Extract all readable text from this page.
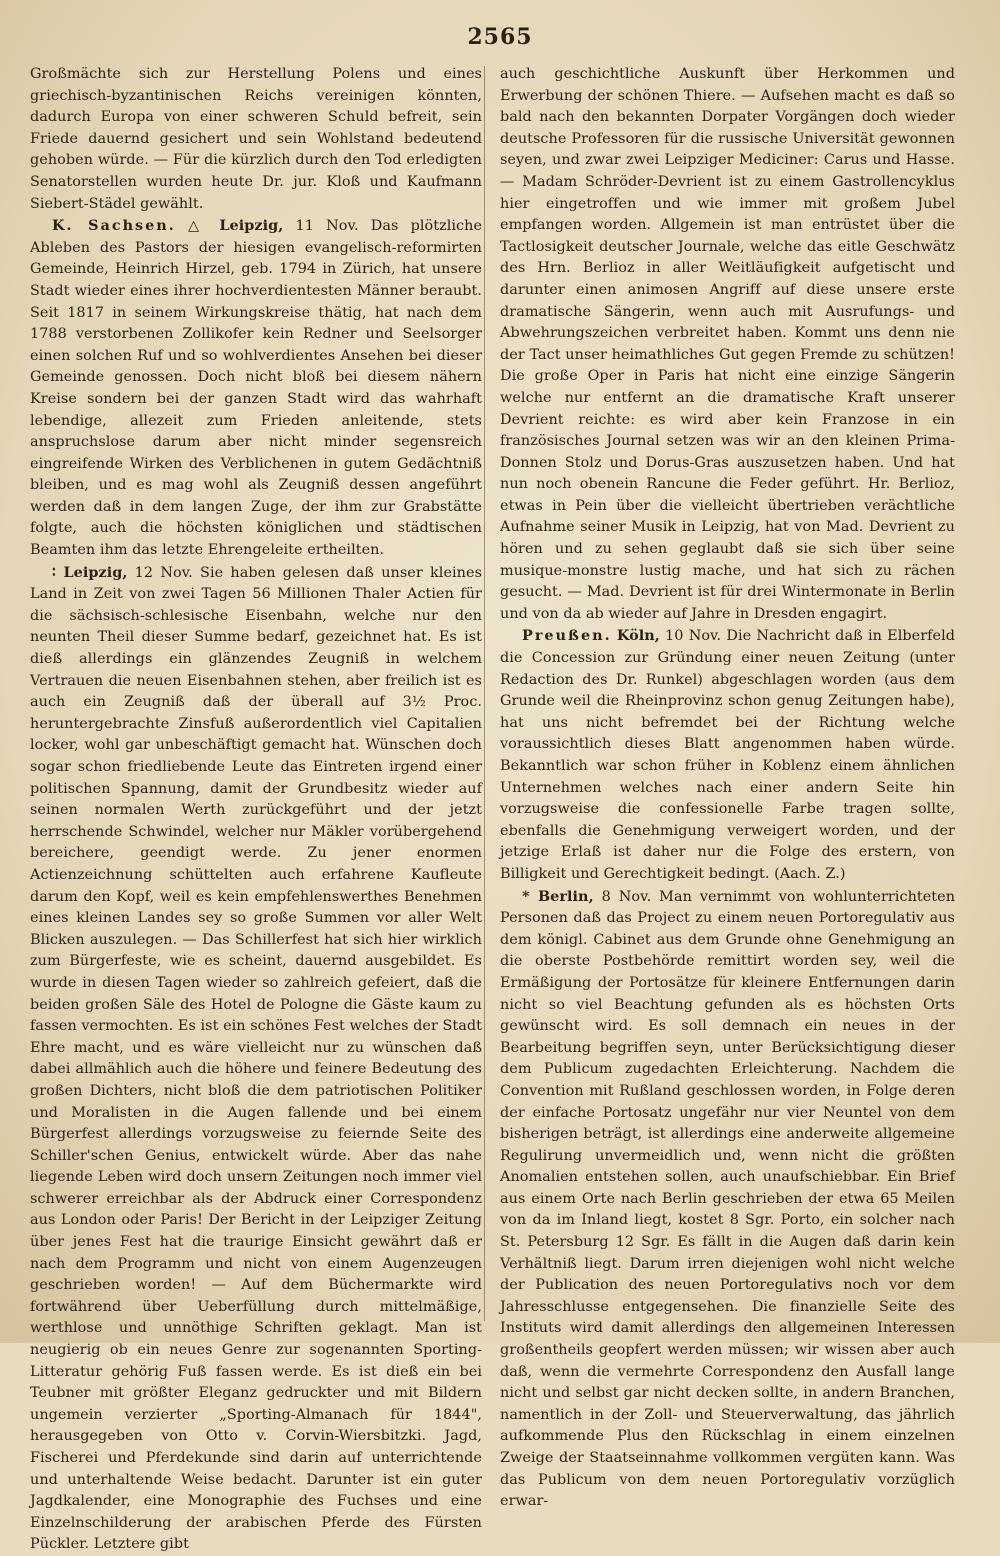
2565

Großmächte sich zur Herstellung Polens und eines griechisch-byzantinischen Reichs vereinigen könnten, dadurch Europa von einer schweren Schuld befreit, sein Friede dauernd gesichert und sein Wohlstand bedeutend gehoben würde. — Für die kürzlich durch den Tod erledigten Senatorstellen wurden heute Dr. jur. Kloß und Kaufmann Siebert-Städel gewählt.

K. Sachsen. △ Leipzig, 11 Nov. Das plötzliche Ableben des Pastors der hiesigen evangelisch-reformirten Gemeinde, Heinrich Hirzel, geb. 1794 in Zürich, hat unsere Stadt wieder eines ihrer hochverdientesten Männer beraubt. Seit 1817 in seinem Wirkungskreise thätig, hat nach dem 1788 verstorbenen Zollikofer kein Redner und Seelsorger einen solchen Ruf und so wohlverdientes Ansehen bei dieser Gemeinde genossen. Doch nicht bloß bei diesem nähern Kreise sondern bei der ganzen Stadt wird das wahrhaft lebendige, allezeit zum Frieden anleitende, stets anspruchslose darum aber nicht minder segensreich eingreifende Wirken des Verblichenen in gutem Gedächtniß bleiben, und es mag wohl als Zeugniß dessen angeführt werden daß in dem langen Zuge, der ihm zur Grabstätte folgte, auch die höchsten königlichen und städtischen Beamten ihm das letzte Ehrengeleite ertheilten.

∶ Leipzig, 12 Nov. Sie haben gelesen daß unser kleines Land in Zeit von zwei Tagen 56 Millionen Thaler Actien für die sächsisch-schlesische Eisenbahn, welche nur den neunten Theil dieser Summe bedarf, gezeichnet hat. Es ist dieß allerdings ein glänzendes Zeugniß in welchem Vertrauen die neuen Eisenbahnen stehen, aber freilich ist es auch ein Zeugniß daß der überall auf 3½ Proc. heruntergebrachte Zinsfuß außerordentlich viel Capitalien locker, wohl gar unbeschäftigt gemacht hat. Wünschen doch sogar schon friedliebende Leute das Eintreten irgend einer politischen Spannung, damit der Grundbesitz wieder auf seinen normalen Werth zurückgeführt und der jetzt herrschende Schwindel, welcher nur Mäkler vorübergehend bereichere, geendigt werde. Zu jener enormen Actienzeichnung schüttelten auch erfahrene Kaufleute darum den Kopf, weil es kein empfehlenswerthes Benehmen eines kleinen Landes sey so große Summen vor aller Welt Blicken auszulegen. — Das Schillerfest hat sich hier wirklich zum Bürgerfeste, wie es scheint, dauernd ausgebildet. Es wurde in diesen Tagen wieder so zahlreich gefeiert, daß die beiden großen Säle des Hotel de Pologne die Gäste kaum zu fassen vermochten. Es ist ein schönes Fest welches der Stadt Ehre macht, und es wäre vielleicht nur zu wünschen daß dabei allmählich auch die höhere und feinere Bedeutung des großen Dichters, nicht bloß die dem patriotischen Politiker und Moralisten in die Augen fallende und bei einem Bürgerfest allerdings vorzugsweise zu feiernde Seite des Schiller'schen Genius, entwickelt würde. Aber das nahe liegende Leben wird doch unsern Zeitungen noch immer viel schwerer erreichbar als der Abdruck einer Correspondenz aus London oder Paris! Der Bericht in der Leipziger Zeitung über jenes Fest hat die traurige Einsicht gewährt daß er nach dem Programm und nicht von einem Augenzeugen geschrieben worden! — Auf dem Büchermarkte wird fortwährend über Ueberfüllung durch mittelmäßige, werthlose und unnöthige Schriften geklagt. Man ist neugierig ob ein neues Genre zur sogenannten Sporting-Litteratur gehörig Fuß fassen werde. Es ist dieß ein bei Teubner mit größter Eleganz gedruckter und mit Bildern ungemein verzierter „Sporting-Almanach für 1844", herausgegeben von Otto v. Corvin-Wiersbitzki. Jagd, Fischerei und Pferdekunde sind darin auf unterrichtende und unterhaltende Weise bedacht. Darunter ist ein guter Jagdkalender, eine Monographie des Fuchses und eine Einzelnschilderung der arabischen Pferde des Fürsten Pückler. Letztere gibt

auch geschichtliche Auskunft über Herkommen und Erwerbung der schönen Thiere. — Aufsehen macht es daß so bald nach den bekannten Dorpater Vorgängen doch wieder deutsche Professoren für die russische Universität gewonnen seyen, und zwar zwei Leipziger Mediciner: Carus und Hasse. — Madam Schröder-Devrient ist zu einem Gastrollencyklus hier eingetroffen und wie immer mit großem Jubel empfangen worden. Allgemein ist man entrüstet über die Tactlosigkeit deutscher Journale, welche das eitle Geschwätz des Hrn. Berlioz in aller Weitläufigkeit aufgetischt und darunter einen animosen Angriff auf diese unsere erste dramatische Sängerin, wenn auch mit Ausrufungs- und Abwehrungszeichen verbreitet haben. Kommt uns denn nie der Tact unser heimathliches Gut gegen Fremde zu schützen! Die große Oper in Paris hat nicht eine einzige Sängerin welche nur entfernt an die dramatische Kraft unserer Devrient reichte: es wird aber kein Franzose in ein französisches Journal setzen was wir an den kleinen Prima-Donnen Stolz und Dorus-Gras auszusetzen haben. Und hat nun noch obenein Rancune die Feder geführt. Hr. Berlioz, etwas in Pein über die vielleicht übertrieben verächtliche Aufnahme seiner Musik in Leipzig, hat von Mad. Devrient zu hören und zu sehen geglaubt daß sie sich über seine musique-monstre lustig mache, und hat sich zu rächen gesucht. — Mad. Devrient ist für drei Wintermonate in Berlin und von da ab wieder auf Jahre in Dresden engagirt.

Preußen. Köln, 10 Nov. Die Nachricht daß in Elberfeld die Concession zur Gründung einer neuen Zeitung (unter Redaction des Dr. Runkel) abgeschlagen worden (aus dem Grunde weil die Rheinprovinz schon genug Zeitungen habe), hat uns nicht befremdet bei der Richtung welche voraussichtlich dieses Blatt angenommen haben würde. Bekanntlich war schon früher in Koblenz einem ähnlichen Unternehmen welches nach einer andern Seite hin vorzugsweise die confessionelle Farbe tragen sollte, ebenfalls die Genehmigung verweigert worden, und der jetzige Erlaß ist daher nur die Folge des erstern, von Billigkeit und Gerechtigkeit bedingt. (Aach. Z.)

* Berlin, 8 Nov. Man vernimmt von wohlunterrichteten Personen daß das Project zu einem neuen Portoregulativ aus dem königl. Cabinet aus dem Grunde ohne Genehmigung an die oberste Postbehörde remittirt worden sey, weil die Ermäßigung der Portosätze für kleinere Entfernungen darin nicht so viel Beachtung gefunden als es höchsten Orts gewünscht wird. Es soll demnach ein neues in der Bearbeitung begriffen seyn, unter Berücksichtigung dieser dem Publicum zugedachten Erleichterung. Nachdem die Convention mit Rußland geschlossen worden, in Folge deren der einfache Portosatz ungefähr nur vier Neuntel von dem bisherigen beträgt, ist allerdings eine anderweite allgemeine Regulirung unvermeidlich und, wenn nicht die größten Anomalien entstehen sollen, auch unaufschiebbar. Ein Brief aus einem Orte nach Berlin geschrieben der etwa 65 Meilen von da im Inland liegt, kostet 8 Sgr. Porto, ein solcher nach St. Petersburg 12 Sgr. Es fällt in die Augen daß darin kein Verhältniß liegt. Darum irren diejenigen wohl nicht welche der Publication des neuen Portoregulativs noch vor dem Jahresschlusse entgegensehen. Die finanzielle Seite des Instituts wird damit allerdings den allgemeinen Interessen großentheils geopfert werden müssen; wir wissen aber auch daß, wenn die vermehrte Correspondenz den Ausfall lange nicht und selbst gar nicht decken sollte, in andern Branchen, namentlich in der Zoll- und Steuerverwaltung, das jährlich aufkommende Plus den Rückschlag in einem einzelnen Zweige der Staatseinnahme vollkommen vergüten kann. Was das Publicum von dem neuen Portoregulativ vorzüglich erwar-
